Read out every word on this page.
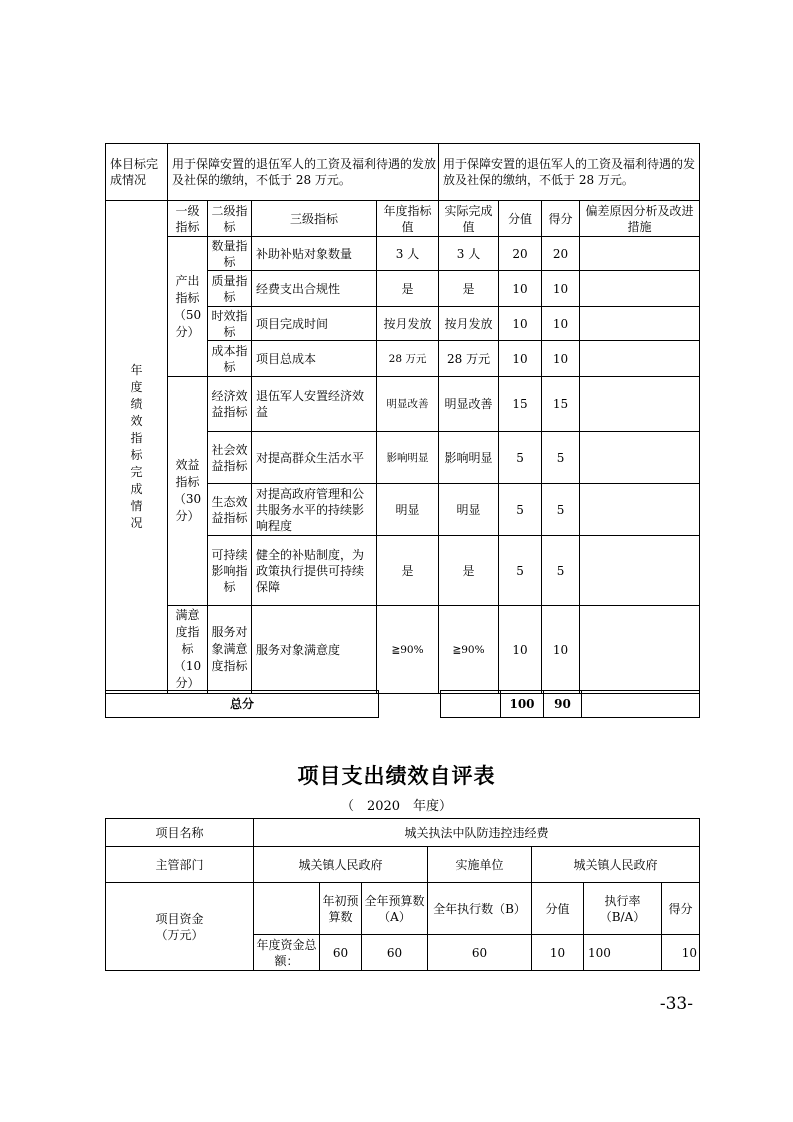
体目标完成情况	用于保障安置的退伍军人的工资及福利待遇的发放及社保的缴纳，不低于 28 万元。				用于保障安置的退伍军人的工资及福利待遇的发放及社保的缴纳，不低于 28 万元。			

年度绩效指标完成情况	一级指标	二级指标	三级指标	年度指标值	实际完成值	分值	得分	偏差原因分析及改进措施

	产出指标（50分）	数量指标	补助补贴对象数量	3 人	3 人	20	20	
		质量指标	经费支出合规性	是	是	10	10	
		时效指标	项目完成时间	按月发放	按月发放	10	10	
		成本指标	项目总成本	28 万元	28 万元	10	10	

	效益指标（30分）	经济效益指标	退伍军人安置经济效益	明显改善	明显改善	15	15	
		社会效益指标	对提高群众生活水平	影响明显	影响明显	5	5	
		生态效益指标	对提高政府管理和公共服务水平的持续影响程度	明显	明显	5	5	
		可持续影响指标	健全的补贴制度，为政策执行提供可持续保障	是	是	5	5	

	满意度指标（10分）	服务对象满意度指标	服务对象满意度	≧90%	≧90%	10	10	
总分			100	90	
项目支出绩效自评表
（　2020　年度）
项目名称	城关执法中队防违控违经费						
主管部门	城关镇人民政府			实施单位	城关镇人民政府		

项目资金（万元）		年初预算数	全年预算数（A）	全年执行数（B）	分值	执行率（B/A）	得分
	年度资金总额：	60	60	60	10	100	10
-33-
